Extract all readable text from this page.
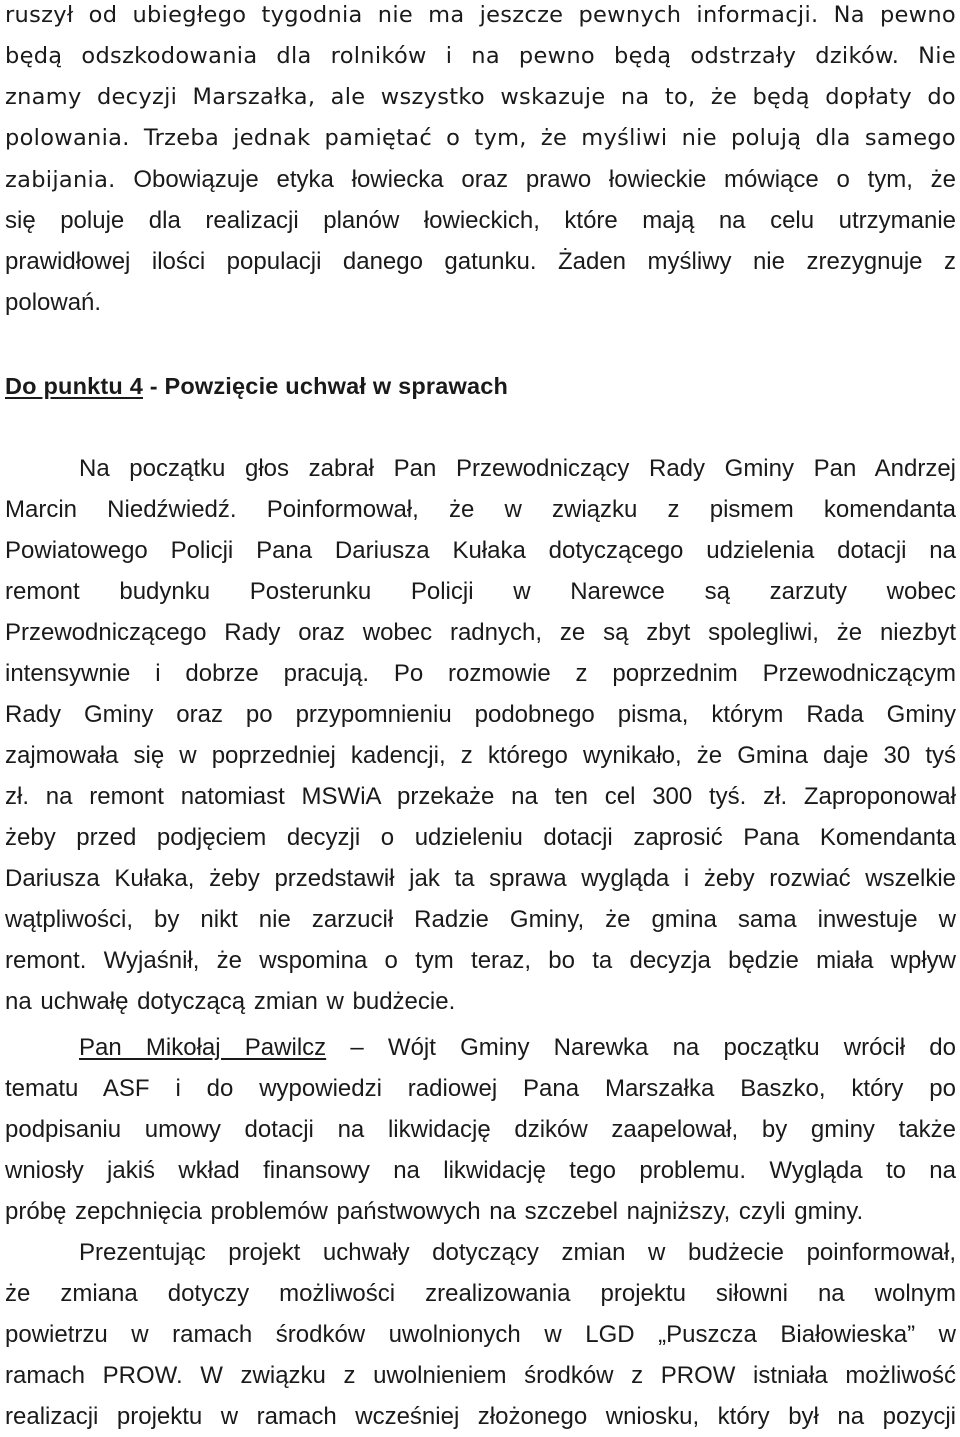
ruszył od ubiegłego tygodnia nie ma jeszcze pewnych informacji. Na pewno
będą odszkodowania dla rolników i na pewno będą odstrzały dzików. Nie
znamy decyzji Marszałka, ale wszystko wskazuje na to, że będą dopłaty do
polowania. Trzeba jednak pamiętać o tym, że myśliwi nie polują dla samego
zabijania. Obowiązuje etyka łowiecka oraz prawo łowieckie mówiące o tym, że
się poluje dla realizacji planów łowieckich, które mają na celu utrzymanie
prawidłowej ilości populacji danego gatunku. Żaden myśliwy nie zrezygnuje z
polowań.
Do punktu 4 - Powzięcie uchwał w sprawach
Na początku głos zabrał Pan Przewodniczący Rady Gminy Pan Andrzej
Marcin Niedźwiedź. Poinformował, że w związku z pismem komendanta
Powiatowego Policji Pana Dariusza Kułaka dotyczącego udzielenia dotacji na
remont budynku Posterunku Policji w Narewce są zarzuty wobec
Przewodniczącego Rady oraz wobec radnych, ze są zbyt spolegliwi, że niezbyt
intensywnie i dobrze pracują. Po rozmowie z poprzednim Przewodniczącym
Rady Gminy oraz po przypomnieniu podobnego pisma, którym Rada Gminy
zajmowała się w poprzedniej kadencji, z którego wynikało, że Gmina daje 30 tyś
zł. na remont natomiast MSWiA przekaże na ten cel 300 tyś. zł. Zaproponował
żeby przed podjęciem decyzji o udzieleniu dotacji zaprosić Pana Komendanta
Dariusza Kułaka, żeby przedstawił jak ta sprawa wygląda i żeby rozwiać wszelkie
wątpliwości, by nikt nie zarzucił Radzie Gminy, że gmina sama inwestuje w
remont. Wyjaśnił, że wspomina o tym teraz, bo ta decyzja będzie miała wpływ
na uchwałę dotyczącą zmian w budżecie.
Pan Mikołaj Pawilcz – Wójt Gminy Narewka na początku wrócił do
tematu ASF i do wypowiedzi radiowej Pana Marszałka Baszko, który po
podpisaniu umowy dotacji na likwidację dzików zaapelował, by gminy także
wniosły jakiś wkład finansowy na likwidację tego problemu. Wygląda to na
próbę zepchnięcia problemów państwowych na szczebel najniższy, czyli gminy.
Prezentując projekt uchwały dotyczący zmian w budżecie poinformował,
że zmiana dotyczy możliwości zrealizowania projektu siłowni na wolnym
powietrzu w ramach środków uwolnionych w LGD „Puszcza Białowieska” w
ramach PROW. W związku z uwolnieniem środków z PROW istniała możliwość
realizacji projektu w ramach wcześniej złożonego wniosku, który był na pozycji
